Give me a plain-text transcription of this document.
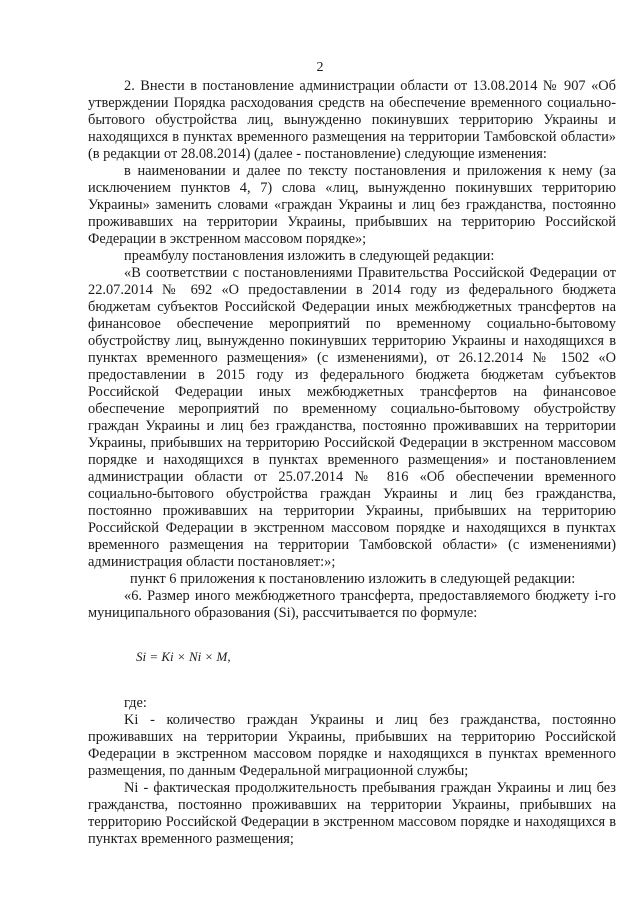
2

2. Внести в постановление администрации области от 13.08.2014 № 907 «Об утверждении Порядка расходования средств на обеспечение временного социально-бытового обустройства лиц, вынужденно покинувших территорию Украины и находящихся в пунктах временного размещения на территории Тамбовской области» (в редакции от 28.08.2014) (далее - постановление) следующие изменения:

в наименовании и далее по тексту постановления и приложения к нему (за исключением пунктов 4, 7) слова «лиц, вынужденно покинувших территорию Украины» заменить словами «граждан Украины и лиц без гражданства, постоянно проживавших на территории Украины, прибывших на территорию Российской Федерации в экстренном массовом порядке»;

преамбулу постановления изложить в следующей редакции:

«В соответствии с постановлениями Правительства Российской Федерации от 22.07.2014 № 692 «О предоставлении в 2014 году из федерального бюджета бюджетам субъектов Российской Федерации иных межбюджетных трансфертов на финансовое обеспечение мероприятий по временному социально-бытовому обустройству лиц, вынужденно покинувших территорию Украины и находящихся в пунктах временного размещения» (с изменениями), от 26.12.2014 № 1502 «О предоставлении в 2015 году из федерального бюджета бюджетам субъектов Российской Федерации иных межбюджетных трансфертов на финансовое обеспечение мероприятий по временному социально-бытовому обустройству граждан Украины и лиц без гражданства, постоянно проживавших на территории Украины, прибывших на территорию Российской Федерации в экстренном массовом порядке и находящихся в пунктах временного размещения» и постановлением администрации области от 25.07.2014 № 816 «Об обеспечении временного социально-бытового обустройства граждан Украины и лиц без гражданства, постоянно проживавших на территории Украины, прибывших на территорию Российской Федерации в экстренном массовом порядке и находящихся в пунктах временного размещения на территории Тамбовской области» (с изменениями) администрация области постановляет:»;

пункт 6 приложения к постановлению изложить в следующей редакции:

«6. Размер иного межбюджетного трансферта, предоставляемого бюджету i-го муниципального образования (Si), рассчитывается по формуле:

Si = Ki × Ni × M,

где:

Ki - количество граждан Украины и лиц без гражданства, постоянно проживавших на территории Украины, прибывших на территорию Российской Федерации в экстренном массовом порядке и находящихся в пунктах временного размещения, по данным Федеральной миграционной службы;

Ni - фактическая продолжительность пребывания граждан Украины и лиц без гражданства, постоянно проживавших на территории Украины, прибывших на территорию Российской Федерации в экстренном массовом порядке и находящихся в пунктах временного размещения;
